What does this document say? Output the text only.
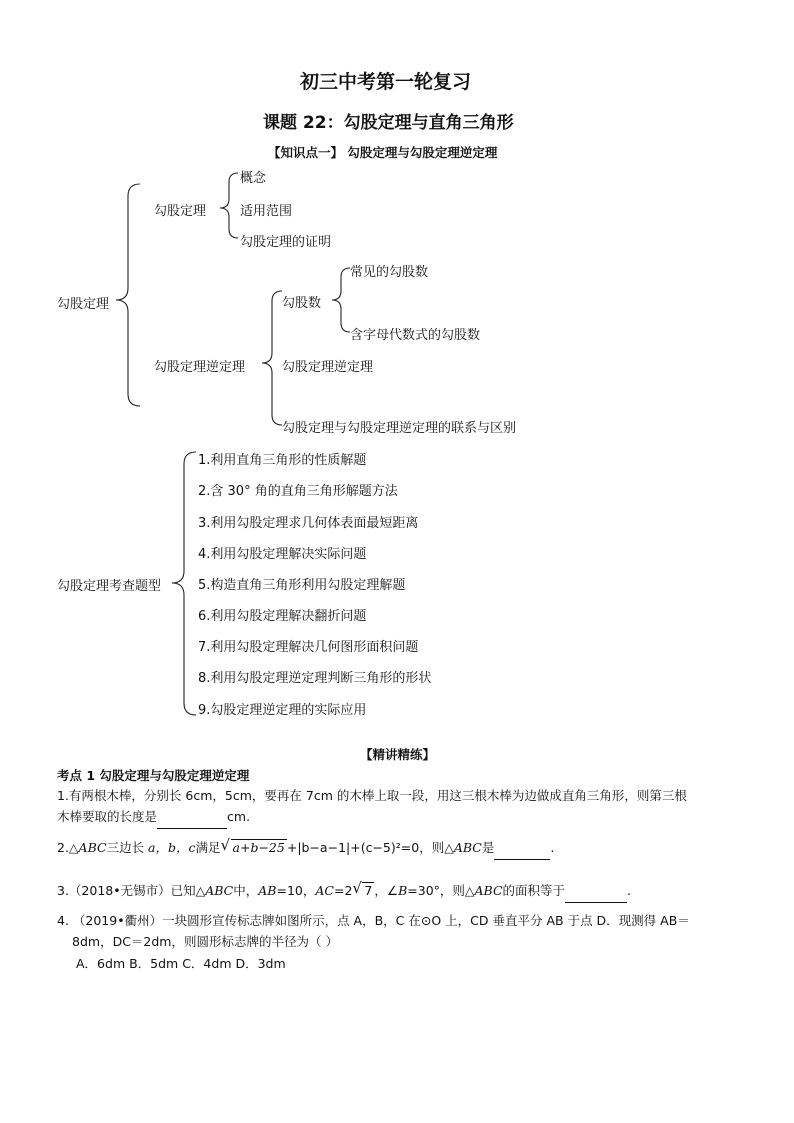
初三中考第一轮复习
课题 22：勾股定理与直角三角形
【知识点一】 勾股定理与勾股定理逆定理
勾股定理
勾股定理
概念
适用范围
勾股定理的证明
勾股定理逆定理
勾股数
常见的勾股数
含字母代数式的勾股数
勾股定理逆定理
勾股定理与勾股定理逆定理的联系与区别
勾股定理考查题型
1.利用直角三角形的性质解题
2.含 30° 角的直角三角形解题方法
3.利用勾股定理求几何体表面最短距离
4.利用勾股定理解决实际问题
5.构造直角三角形利用勾股定理解题
6.利用勾股定理解决翻折问题
7.利用勾股定理解决几何图形面积问题
8.利用勾股定理逆定理判断三角形的形状
9.勾股定理逆定理的实际应用
【精讲精练】
考点 1 勾股定理与勾股定理逆定理
1.有两根木棒，分别长 6cm，5cm，要再在 7cm 的木棒上取一段，用这三根木棒为边做成直角三角形，则第三根
木棒要取的长度是	cm.
2.△ABC三边长 a，b，c满足 √ a+b−25 +|b−a−1|+(c−5)²=0，则△ABC是	.
3.（2018•无锡市）已知△ABC中，AB=10，AC=2 √ 7 ，∠B=30°，则△ABC的面积等于	.
4. （2019•衢州）一块圆形宣传标志牌如图所示，点 A，B，C 在⊙O 上，CD 垂直平分 AB 于点 D．现测得 AB＝
8dm，DC＝2dm，则圆形标志牌的半径为（ ）
A．6dm B．5dm C．4dm D．3dm
